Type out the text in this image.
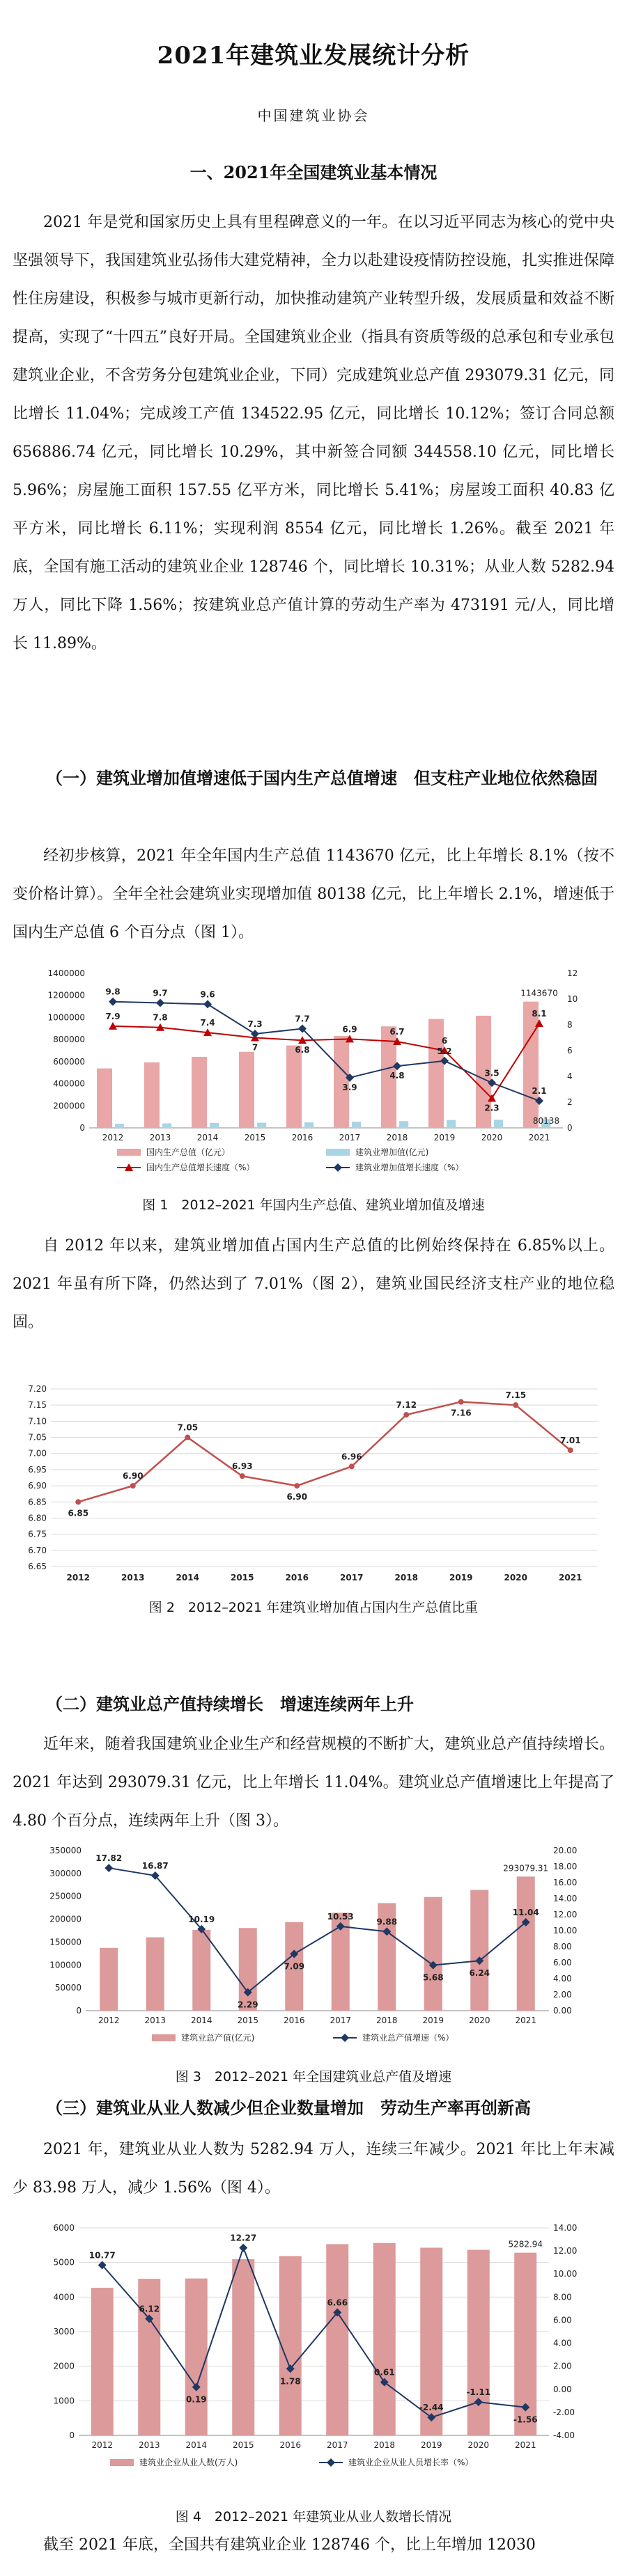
2021年建筑业发展统计分析
中国建筑业协会
一、2021年全国建筑业基本情况

2021 年是党和国家历史上具有里程碑意义的一年。在以习近平同志为核心的党中央坚强领导下，我国建筑业弘扬伟大建党精神，全力以赴建设疫情防控设施，扎实推进保障性住房建设，积极参与城市更新行动，加快推动建筑产业转型升级，发展质量和效益不断提高，实现了“十四五”良好开局。全国建筑业企业（指具有资质等级的总承包和专业承包建筑业企业，不含劳务分包建筑业企业，下同）完成建筑业总产值 293079.31 亿元，同比增长 11.04%；完成竣工产值 134522.95 亿元，同比增长 10.12%；签订合同总额 656886.74 亿元，同比增长 10.29%，其中新签合同额 344558.10 亿元，同比增长 5.96%；房屋施工面积 157.55 亿平方米，同比增长 5.41%；房屋竣工面积 40.83 亿平方米，同比增长 6.11%；实现利润 8554 亿元，同比增长 1.26%。截至 2021 年底，全国有施工活动的建筑业企业 128746 个，同比增长 10.31%；从业人数 5282.94 万人，同比下降 1.56%；按建筑业总产值计算的劳动生产率为 473191 元/人，同比增长 11.89%。

（一）建筑业增加值增速低于国内生产总值增速　但支柱产业地位依然稳固

经初步核算，2021 年全年国内生产总值 1143670 亿元，比上年增长 8.1%（按不变价格计算）。全年全社会建筑业实现增加值 80138 亿元，比上年增长 2.1%，增速低于国内生产总值 6 个百分点（图 1）。

0
200000
400000
600000
800000
1000000
1200000
1400000
0
2
4
6
8
10
12
7.9	7.8
7.4
7	6.8
6.9	6.7
6
2.3
8.1
9.8	9.7	9.6
7.3
7.7
3.9
4.8
5.2
3.5
2.1
2012	2013	2014	2015	2016	2017	2018	2019	2020	2021
1143670
80138
国内生产总值（亿元）	建筑业增加值(亿元)
国内生产总值增长速度（%）	建筑业增加值增长速度（%）
图 1　2012–2021 年国内生产总值、建筑业增加值及增速

自 2012 年以来，建筑业增加值占国内生产总值的比例始终保持在 6.85%以上。2021 年虽有所下降，仍然达到了 7.01%（图 2），建筑业国民经济支柱产业的地位稳固。

6.65
6.70
6.75
6.80
6.85
6.90
6.95
7.00
7.05
7.10
7.15
7.20
6.85
2012
6.90
2013
7.05
2014
6.93
2015
6.90
2016
6.96
2017
7.12
2018
7.16
2019
7.15
2020
7.01
2021
图 2　2012–2021 年建筑业增加值占国内生产总值比重

（二）建筑业总产值持续增长　增速连续两年上升

近年来，随着我国建筑业企业生产和经营规模的不断扩大，建筑业总产值持续增长。2021 年达到 293079.31 亿元，比上年增长 11.04%。建筑业总产值增速比上年提高了 4.80 个百分点，连续两年上升（图 3）。

0
50000
100000
150000
200000
250000
300000
350000
0.00
2.00
4.00
6.00
8.00
10.00
12.00
14.00
16.00
18.00
20.00
17.82
16.87
10.19
2.29
7.09
10.53
9.88
5.68	6.24
11.04
2012	2013	2014	2015	2016	2017	2018	2019	2020	2021
293079.31
建筑业总产值(亿元)	建筑业总产值增速（%）
图 3　2012–2021 年全国建筑业总产值及增速

（三）建筑业从业人数减少但企业数量增加　劳动生产率再创新高

2021 年，建筑业从业人数为 5282.94 万人，连续三年减少。2021 年比上年末减少 83.98 万人，减少 1.56%（图 4）。

0
1000
2000
3000
4000
5000
6000
-4.00
-2.00
0.00
2.00
4.00
6.00
8.00
10.00
12.00
14.00
10.77
6.12
0.19
12.27
1.78
6.66
0.61
-2.44
-1.11
-1.56
2012	2013	2014	2015	2016	2017	2018	2019	2020	2021
5282.94
建筑业企业从业人数(万人)	建筑业企业从业人员增长率（%）
图 4　2012–2021 年建筑业从业人数增长情况

截至 2021 年底，全国共有建筑业企业 128746 个，比上年增加 12030
